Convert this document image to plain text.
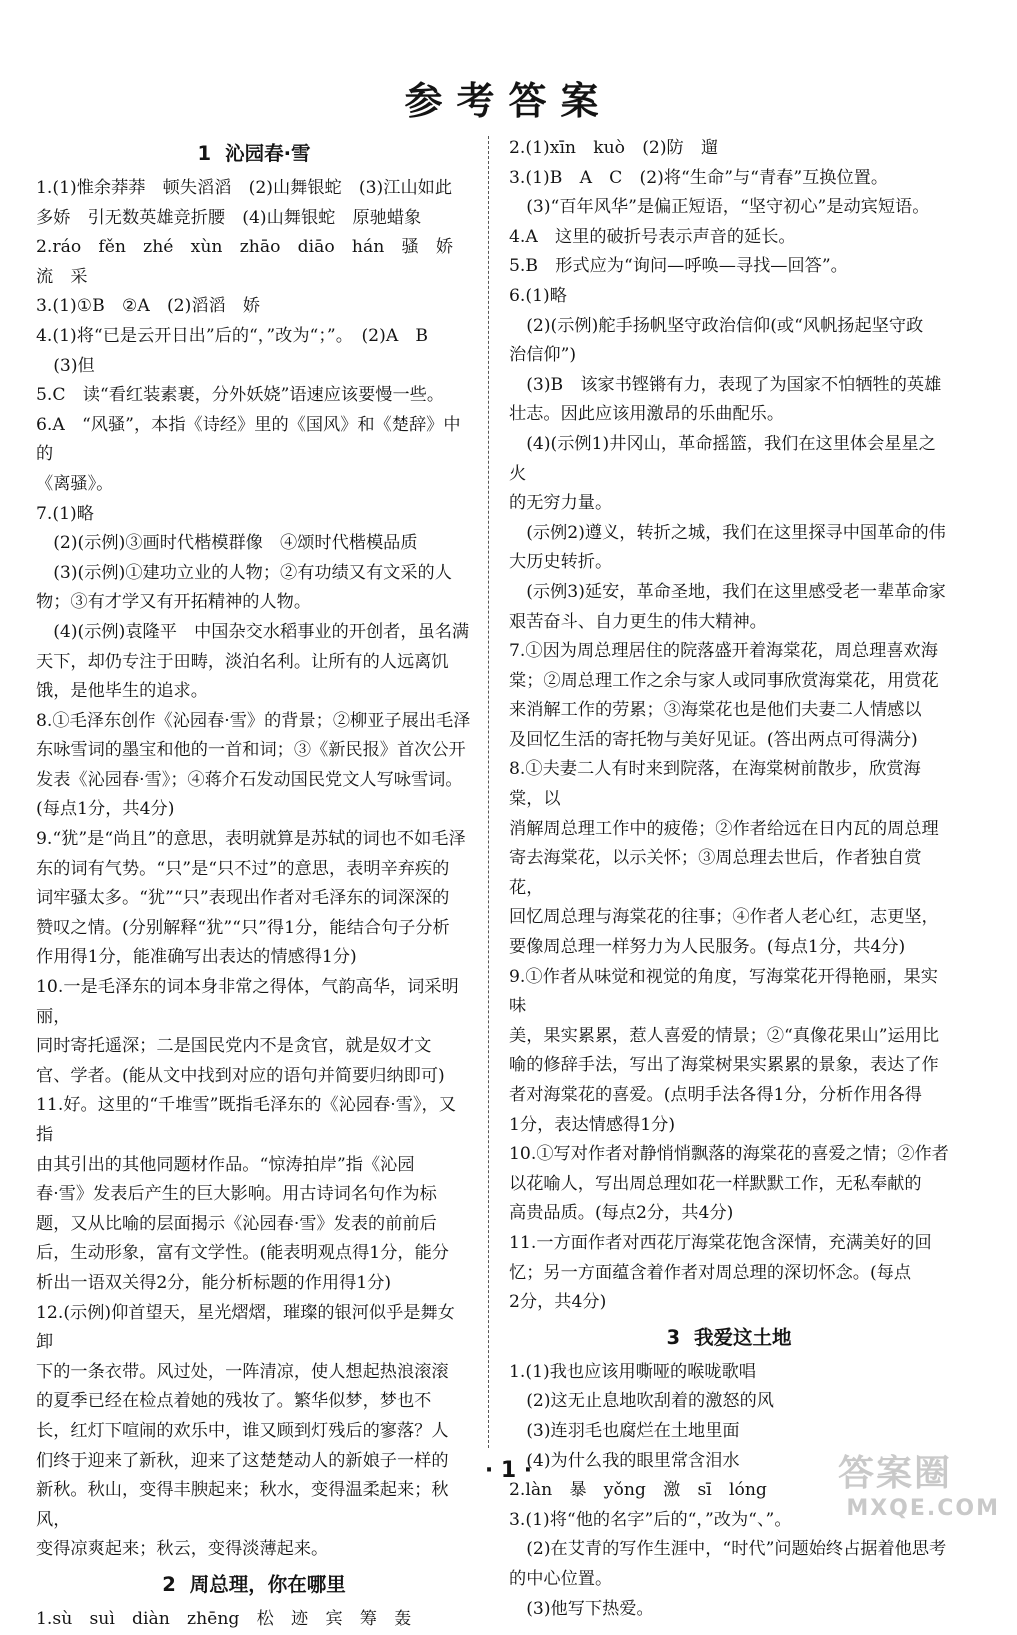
参考答案
1 沁园春·雪
1.(1)惟余莽莽　顿失滔滔　(2)山舞银蛇　(3)江山如此
多娇　引无数英雄竞折腰　(4)山舞银蛇　原驰蜡象
2.ráo　fěn　zhé　xùn　zhāo　diāo　hán　骚　娇　流　采
3.(1)①B　②A　(2)滔滔　娇
4.(1)将“已是云开日出”后的“，”改为“；”。　(2)A　B
　(3)但
5.C　读“看红装素裹，分外妖娆”语速应该要慢一些。
6.A　“风骚”，本指《诗经》里的《国风》和《楚辞》中的
《离骚》。
7.(1)略
　(2)(示例)③画时代楷模群像　④颂时代楷模品质
　(3)(示例)①建功立业的人物；②有功绩又有文采的人
物；③有才学又有开拓精神的人物。
　(4)(示例)袁隆平　中国杂交水稻事业的开创者，虽名满
天下，却仍专注于田畴，淡泊名利。让所有的人远离饥
饿，是他毕生的追求。
8.①毛泽东创作《沁园春·雪》的背景；②柳亚子展出毛泽
东咏雪词的墨宝和他的一首和词；③《新民报》首次公开
发表《沁园春·雪》；④蒋介石发动国民党文人写咏雪词。
(每点1分，共4分)
9.“犹”是“尚且”的意思，表明就算是苏轼的词也不如毛泽
东的词有气势。“只”是“只不过”的意思，表明辛弃疾的
词牢骚太多。“犹”“只”表现出作者对毛泽东的词深深的
赞叹之情。(分别解释“犹”“只”得1分，能结合句子分析
作用得1分，能准确写出表达的情感得1分)
10.一是毛泽东的词本身非常之得体，气韵高华，词采明丽，
同时寄托遥深；二是国民党内不是贪官，就是奴才文
官、学者。(能从文中找到对应的语句并简要归纳即可)
11.好。这里的“千堆雪”既指毛泽东的《沁园春·雪》，又指
由其引出的其他同题材作品。“惊涛拍岸”指《沁园
春·雪》发表后产生的巨大影响。用古诗词名句作为标
题，又从比喻的层面揭示《沁园春·雪》发表的前前后
后，生动形象，富有文学性。(能表明观点得1分，能分
析出一语双关得2分，能分析标题的作用得1分)
12.(示例)仰首望天，星光熠熠，璀璨的银河似乎是舞女卸
下的一条衣带。风过处，一阵清凉，使人想起热浪滚滚
的夏季已经在检点着她的残妆了。繁华似梦，梦也不
长，红灯下喧闹的欢乐中，谁又顾到灯残后的寥落？人
们终于迎来了新秋，迎来了这楚楚动人的新娘子一样的
新秋。秋山，变得丰腴起来；秋水，变得温柔起来；秋风，
变得凉爽起来；秋云，变得淡薄起来。
2 周总理，你在哪里
1.sù　suì　diàn　zhēng　松　迹　宾　筹　轰
2.(1)xīn　kuò　(2)防　遛
3.(1)B　A　C　(2)将“生命”与“青春”互换位置。
　(3)“百年风华”是偏正短语，“坚守初心”是动宾短语。
4.A　这里的破折号表示声音的延长。
5.B　形式应为“询问—呼唤—寻找—回答”。
6.(1)略
　(2)(示例)舵手扬帆坚守政治信仰(或“风帆扬起坚守政
治信仰”)
　(3)B　该家书铿锵有力，表现了为国家不怕牺牲的英雄
壮志。因此应该用激昂的乐曲配乐。
　(4)(示例1)井冈山，革命摇篮，我们在这里体会星星之火
的无穷力量。
　(示例2)遵义，转折之城，我们在这里探寻中国革命的伟
大历史转折。
　(示例3)延安，革命圣地，我们在这里感受老一辈革命家
艰苦奋斗、自力更生的伟大精神。
7.①因为周总理居住的院落盛开着海棠花，周总理喜欢海
棠；②周总理工作之余与家人或同事欣赏海棠花，用赏花
来消解工作的劳累；③海棠花也是他们夫妻二人情感以
及回忆生活的寄托物与美好见证。(答出两点可得满分)
8.①夫妻二人有时来到院落，在海棠树前散步，欣赏海棠，以
消解周总理工作中的疲倦；②作者给远在日内瓦的周总理
寄去海棠花，以示关怀；③周总理去世后，作者独自赏花，
回忆周总理与海棠花的往事；④作者人老心红，志更坚，
要像周总理一样努力为人民服务。(每点1分，共4分)
9.①作者从味觉和视觉的角度，写海棠花开得艳丽，果实味
美，果实累累，惹人喜爱的情景；②“真像花果山”运用比
喻的修辞手法，写出了海棠树果实累累的景象，表达了作
者对海棠花的喜爱。(点明手法各得1分，分析作用各得
1分，表达情感得1分)
10.①写对作者对静悄悄飘落的海棠花的喜爱之情；②作者
以花喻人，写出周总理如花一样默默工作，无私奉献的
高贵品质。(每点2分，共4分)
11.一方面作者对西花厅海棠花饱含深情，充满美好的回
忆；另一方面蕴含着作者对周总理的深切怀念。(每点
2分，共4分)
3 我爱这土地
1.(1)我也应该用嘶哑的喉咙歌唱
　(2)这无止息地吹刮着的激怒的风
　(3)连羽毛也腐烂在土地里面
　(4)为什么我的眼里常含泪水
2.làn　暴　yǒng　激　sī　lóng
3.(1)将“他的名字”后的“，”改为“、”。
　(2)在艾青的写作生涯中，“时代”问题始终占据着他思考
的中心位置。
　(3)他写下热爱。
· 1 ·	答案圈
MXQE.COM
